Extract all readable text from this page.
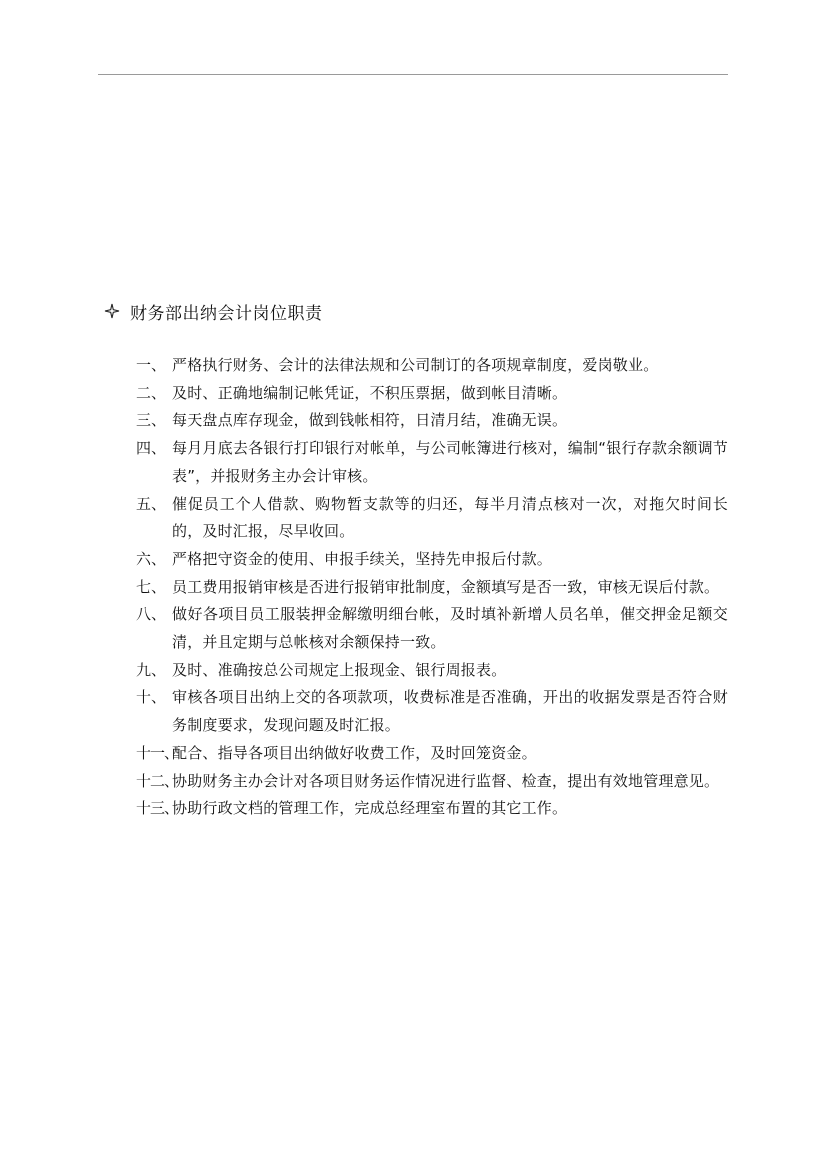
财务部出纳会计岗位职责
一、 严格执行财务、会计的法律法规和公司制订的各项规章制度，爱岗敬业。
二、 及时、正确地编制记帐凭证，不积压票据，做到帐目清晰。
三、 每天盘点库存现金，做到钱帐相符，日清月结，准确无误。
四、 每月月底去各银行打印银行对帐单，与公司帐簿进行核对，编制“银行存款余额调节表”，并报财务主办会计审核。
五、 催促员工个人借款、购物暂支款等的归还，每半月清点核对一次，对拖欠时间长的，及时汇报，尽早收回。
六、 严格把守资金的使用、申报手续关，坚持先申报后付款。
七、 员工费用报销审核是否进行报销审批制度，金额填写是否一致，审核无误后付款。
八、 做好各项目员工服装押金解缴明细台帐，及时填补新增人员名单，催交押金足额交清，并且定期与总帐核对余额保持一致。
九、 及时、准确按总公司规定上报现金、银行周报表。
十、 审核各项目出纳上交的各项款项，收费标准是否准确，开出的收据发票是否符合财务制度要求，发现问题及时汇报。
十一、
配合、指导各项目出纳做好收费工作，及时回笼资金。
十二、
协助财务主办会计对各项目财务运作情况进行监督、检查，提出有效地管理意见。
十三、
协助行政文档的管理工作，完成总经理室布置的其它工作。
